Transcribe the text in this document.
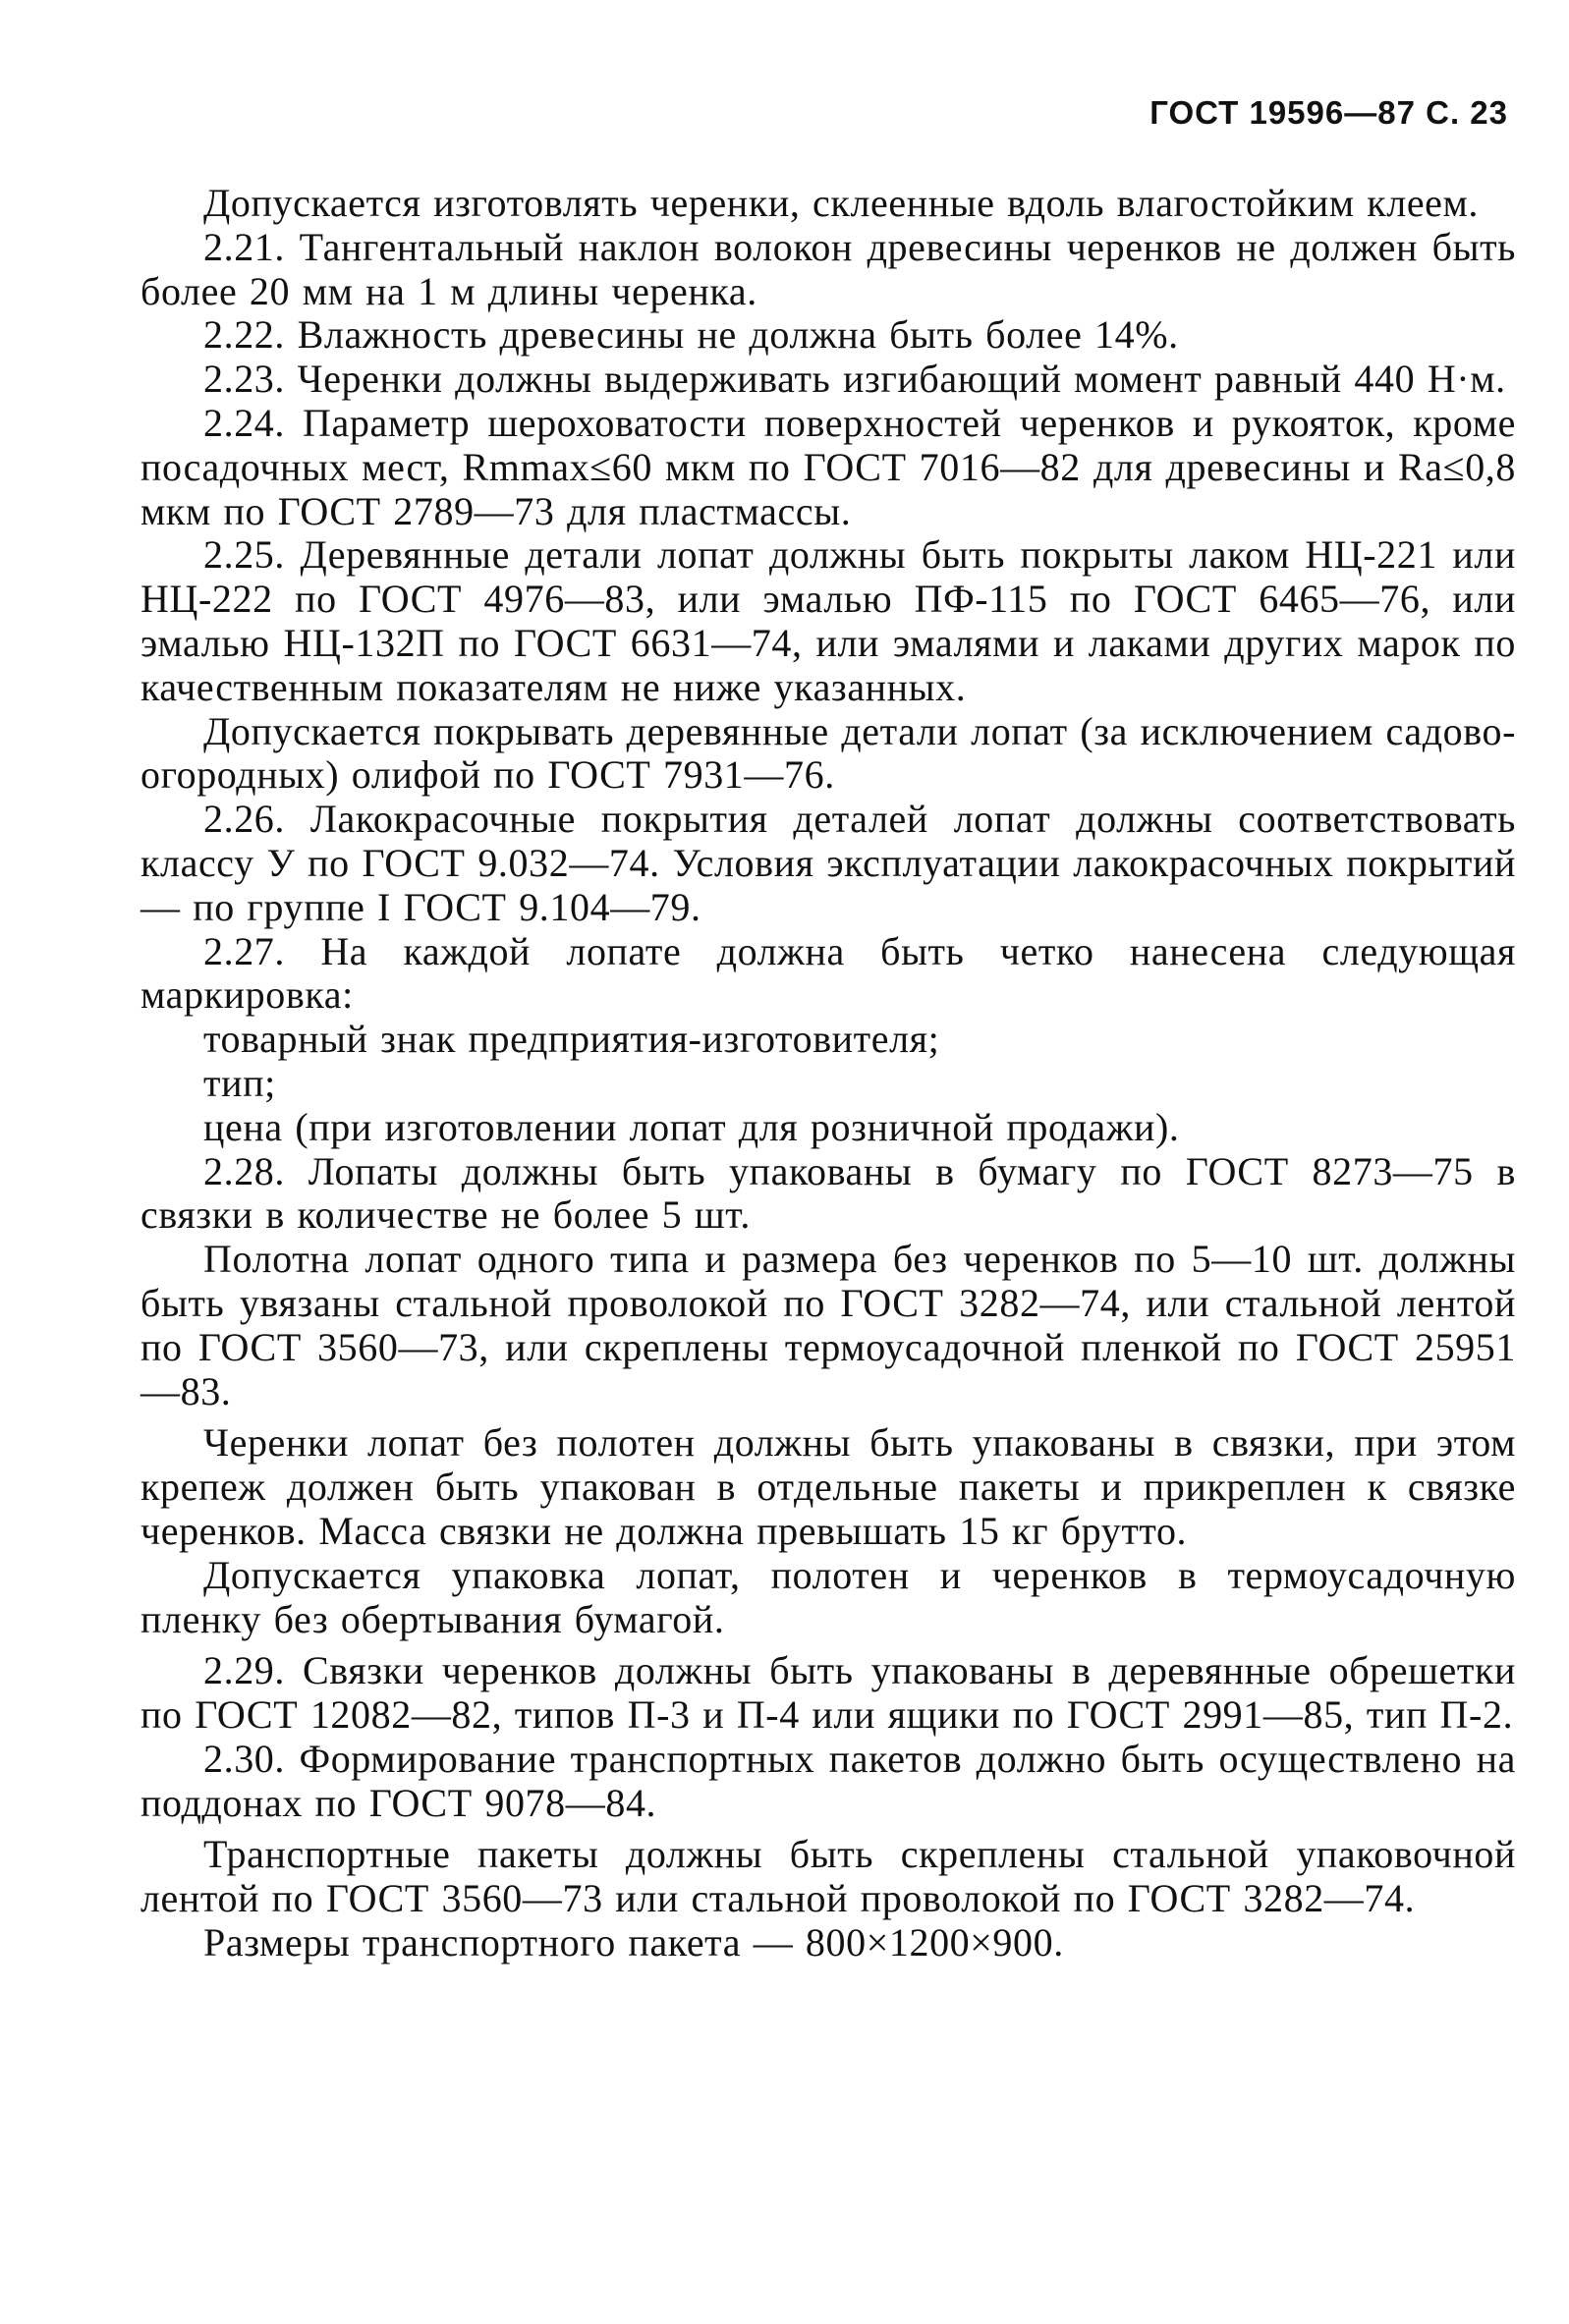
ГОСТ 19596—87 С. 23

Допускается изготовлять черенки, склеенные вдоль влагостойким клеем.

2.21. Тангентальный наклон волокон древесины черенков не должен быть более 20 мм на 1 м длины черенка.

2.22. Влажность древесины не должна быть более 14%.

2.23. Черенки должны выдерживать изгибающий момент равный 440 Н·м.

2.24. Параметр шероховатости поверхностей черенков и рукояток, кроме посадочных мест, Rmmax≤60 мкм по ГОСТ 7016—82 для древесины и Ra≤0,8 мкм по ГОСТ 2789—73 для пластмассы.

2.25. Деревянные детали лопат должны быть покрыты лаком НЦ-221 или НЦ-222 по ГОСТ 4976—83, или эмалью ПФ-115 по ГОСТ 6465—76, или эмалью НЦ-132П по ГОСТ 6631—74, или эмалями и лаками других марок по качественным показателям не ниже указанных.

Допускается покрывать деревянные детали лопат (за исключением садово-огородных) олифой по ГОСТ 7931—76.

2.26. Лакокрасочные покрытия деталей лопат должны соответствовать классу У по ГОСТ 9.032—74. Условия эксплуатации лакокрасочных покрытий — по группе I ГОСТ 9.104—79.

2.27. На каждой лопате должна быть четко нанесена следующая маркировка:

товарный знак предприятия-изготовителя;

тип;

цена (при изготовлении лопат для розничной продажи).

2.28. Лопаты должны быть упакованы в бумагу по ГОСТ 8273—75 в связки в количестве не более 5 шт.

Полотна лопат одного типа и размера без черенков по 5—10 шт. должны быть увязаны стальной проволокой по ГОСТ 3282—74, или стальной лентой по ГОСТ 3560—73, или скреплены термоусадочной пленкой по ГОСТ 25951—83.

Черенки лопат без полотен должны быть упакованы в связки, при этом крепеж должен быть упакован в отдельные пакеты и прикреплен к связке черенков. Масса связки не должна превышать 15 кг брутто.

Допускается упаковка лопат, полотен и черенков в термоусадочную пленку без обертывания бумагой.

2.29. Связки черенков должны быть упакованы в деревянные обрешетки по ГОСТ 12082—82, типов П-3 и П-4 или ящики по ГОСТ 2991—85, тип П-2.

2.30. Формирование транспортных пакетов должно быть осуществлено на поддонах по ГОСТ 9078—84.

Транспортные пакеты должны быть скреплены стальной упаковочной лентой по ГОСТ 3560—73 или стальной проволокой по ГОСТ 3282—74.

Размеры транспортного пакета — 800×1200×900.
